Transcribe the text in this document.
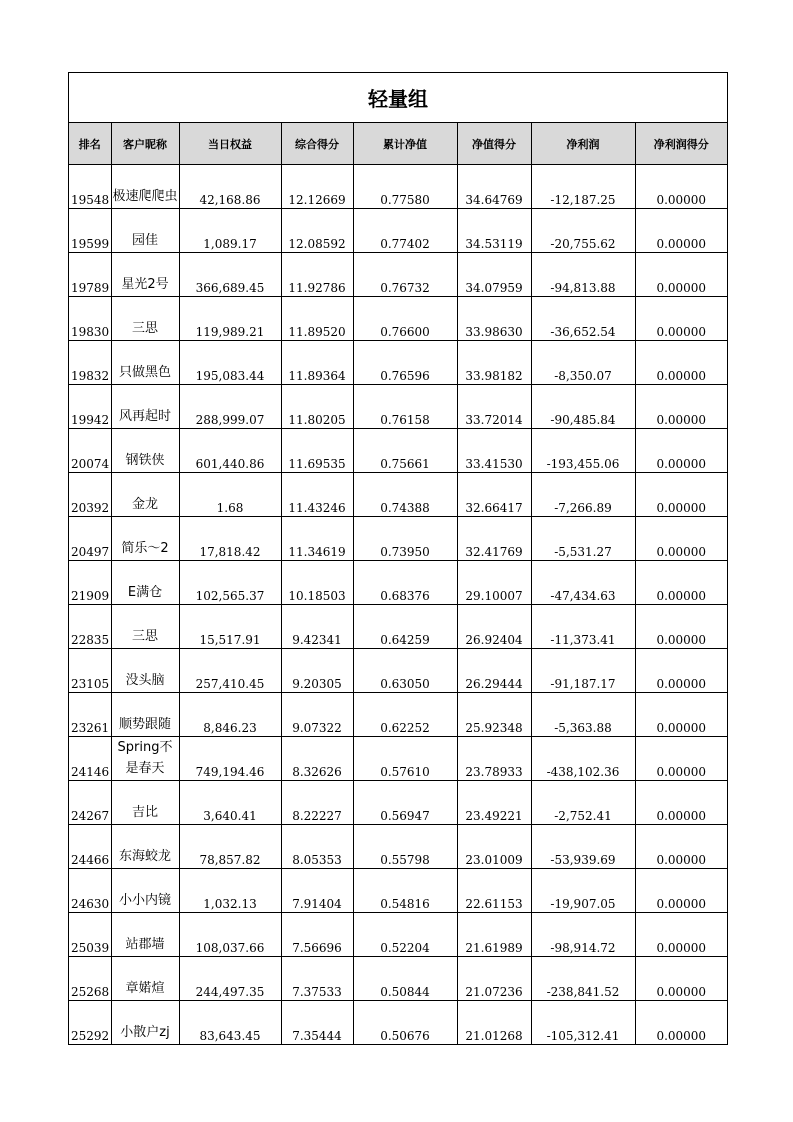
轻量组
排名	客户昵称	当日权益	综合得分	累计净值	净值得分	净利润	净利润得分
19548	极速爬爬虫	42,168.86	12.12669	0.77580	34.64769	-12,187.25	0.00000
19599	园佳	1,089.17	12.08592	0.77402	34.53119	-20,755.62	0.00000
19789	星光2号	366,689.45	11.92786	0.76732	34.07959	-94,813.88	0.00000
19830	三思	119,989.21	11.89520	0.76600	33.98630	-36,652.54	0.00000
19832	只做黑色	195,083.44	11.89364	0.76596	33.98182	-8,350.07	0.00000
19942	风再起时	288,999.07	11.80205	0.76158	33.72014	-90,485.84	0.00000
20074	钢铁侠	601,440.86	11.69535	0.75661	33.41530	-193,455.06	0.00000
20392	金龙	1.68	11.43246	0.74388	32.66417	-7,266.89	0.00000
20497	简乐～2	17,818.42	11.34619	0.73950	32.41769	-5,531.27	0.00000
21909	E满仓	102,565.37	10.18503	0.68376	29.10007	-47,434.63	0.00000
22835	三思	15,517.91	9.42341	0.64259	26.92404	-11,373.41	0.00000
23105	没头脑	257,410.45	9.20305	0.63050	26.29444	-91,187.17	0.00000
23261	顺势跟随	8,846.23	9.07322	0.62252	25.92348	-5,363.88	0.00000
24146	Spring不是春天	749,194.46	8.32626	0.57610	23.78933	-438,102.36	0.00000
24267	吉比	3,640.41	8.22227	0.56947	23.49221	-2,752.41	0.00000
24466	东海蛟龙	78,857.82	8.05353	0.55798	23.01009	-53,939.69	0.00000
24630	小小内镜	1,032.13	7.91404	0.54816	22.61153	-19,907.05	0.00000
25039	站郡墙	108,037.66	7.56696	0.52204	21.61989	-98,914.72	0.00000
25268	章婼煊	244,497.35	7.37533	0.50844	21.07236	-238,841.52	0.00000
25292	小散户zj	83,643.45	7.35444	0.50676	21.01268	-105,312.41	0.00000
